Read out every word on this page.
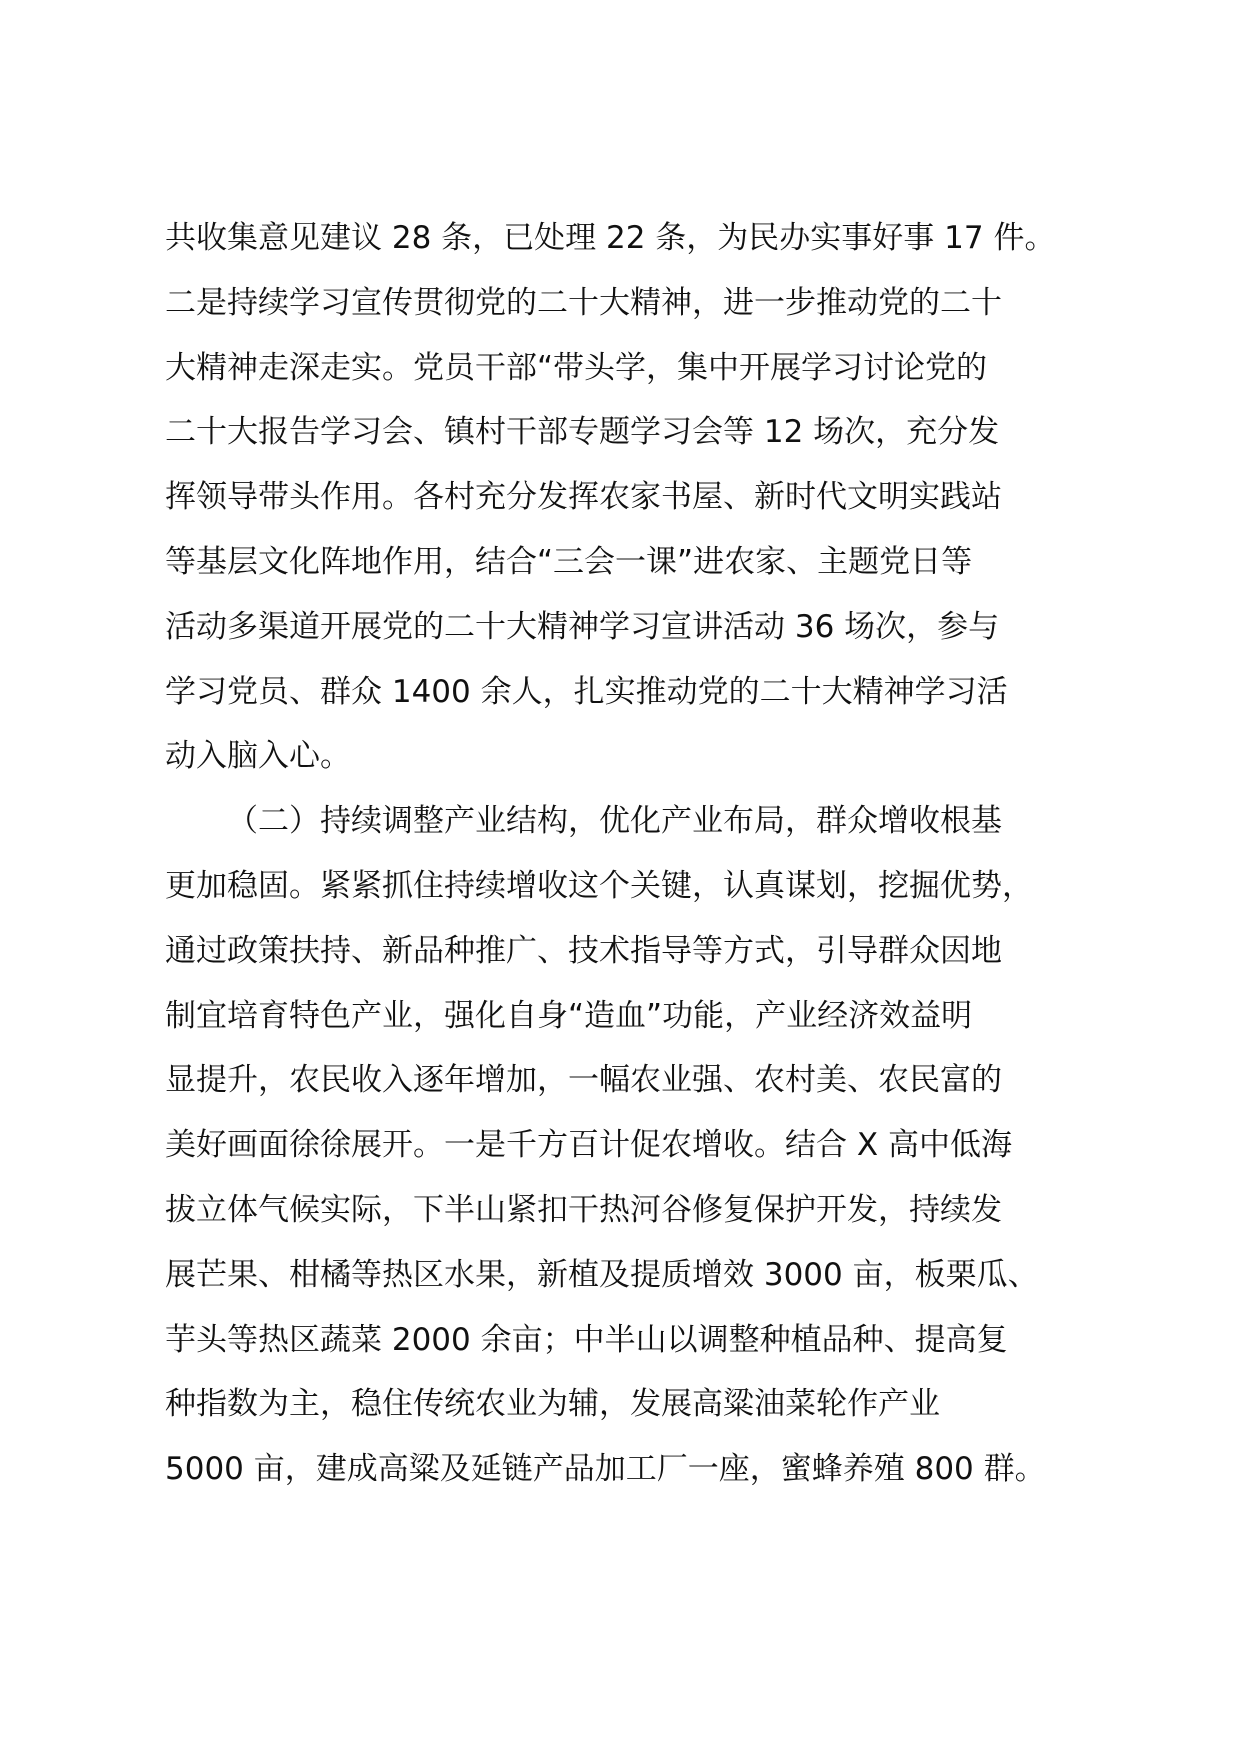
共收集意见建议 28 条，已处理 22 条，为民办实事好事 17 件。
二是持续学习宣传贯彻党的二十大精神，进一步推动党的二十
大精神走深走实。党员干部“带头学，集中开展学习讨论党的
二十大报告学习会、镇村干部专题学习会等 12 场次，充分发
挥领导带头作用。各村充分发挥农家书屋、新时代文明实践站
等基层文化阵地作用，结合“三会一课”进农家、主题党日等
活动多渠道开展党的二十大精神学习宣讲活动 36 场次，参与
学习党员、群众 1400 余人，扎实推动党的二十大精神学习活
动入脑入心。
（二）持续调整产业结构，优化产业布局，群众增收根基
更加稳固。紧紧抓住持续增收这个关键，认真谋划，挖掘优势，
通过政策扶持、新品种推广、技术指导等方式，引导群众因地
制宜培育特色产业，强化自身“造血”功能，产业经济效益明
显提升，农民收入逐年增加，一幅农业强、农村美、农民富的
美好画面徐徐展开。一是千方百计促农增收。结合 X 高中低海
拔立体气候实际，下半山紧扣干热河谷修复保护开发，持续发
展芒果、柑橘等热区水果，新植及提质增效 3000 亩，板栗瓜、
芋头等热区蔬菜 2000 余亩；中半山以调整种植品种、提高复
种指数为主，稳住传统农业为辅，发展高粱油菜轮作产业
5000 亩，建成高粱及延链产品加工厂一座，蜜蜂养殖 800 群。
